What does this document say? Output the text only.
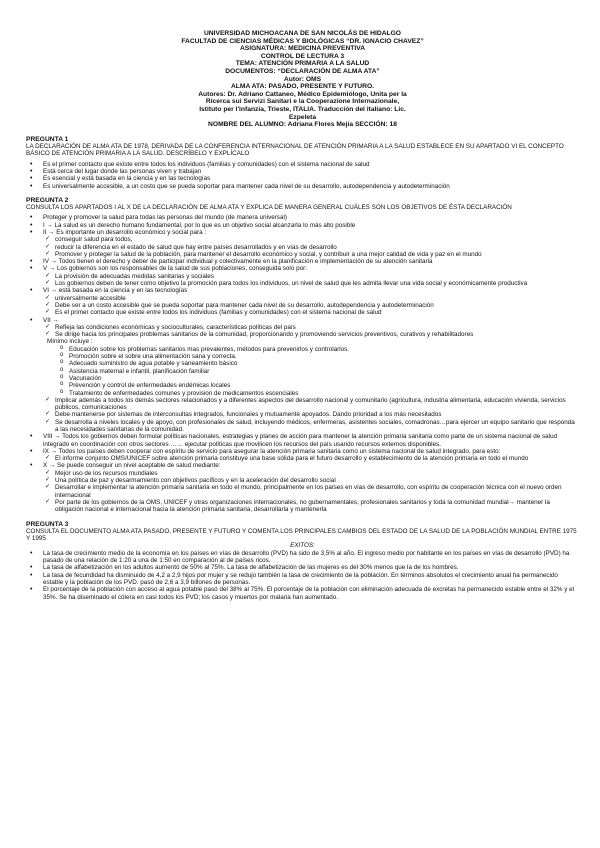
UNIVERSIDAD MICHOACANA DE SAN NICOLÁS DE HIDALGO
FACULTAD DE CIENCIAS MÉDICAS Y BIOLÓGICAS “DR. IGNACIO CHAVEZ”
ASIGNATURA: MEDICINA PREVENTIVA
CONTROL DE LECTURA 3
TEMA: ATENCIÓN PRIMARIA A LA SALUD
DOCUMENTOS: “DECLARACIÓN DE ALMA ATA”
Autor: OMS
ALMA ATA: PASADO, PRESENTE Y FUTURO.
Autores: Dr. Adriano Cattaneo, Médico Epidemiólogo, Unita per la
Ricerca sui Servizi Sanitari e la Cooperazione Internazionale,
Istituto per l'infanzia, Trieste, ITALIA. Traducción del italiano: Lic.
Ezpeleta
NOMBRE DEL ALUMNO: Adriana Flores Mejía SECCIÓN: 18
PREGUNTA 1
LA DECLARACIÓN DE ALMA ATA DE 1978, DERIVADA DE LA CONFERENCIA INTERNACIONAL DE ATENCIÓN PRIMARIA A LA SALUD ESTABLECE EN SU APARTADO VI EL CONCEPTO BÁSICO DE ATENCIÓN PRIMARIA A LA SALUD. DESCRÍBELO Y EXPLÍCALO
• Es el primer contacto que existe entre todos los individuos (familias y comunidades) con el sistema nacional de salud
• Está cerca del lugar donde las personas viven y trabajan
• Es esencial y está basada en la ciencia y en las tecnologías
• Es universalmente accesible, a un costo que se pueda soportar para mantener cada nivel de su desarrollo, autodependencia y autodeterminación
PREGUNTA 2
CONSULTA LOS APARTADOS I AL X DE LA DECLARACIÓN DE ALMA ATA Y EXPLICA DE MANERA GENERAL CUÁLES SON LOS OBJETIVOS DE ÉSTA DECLARACIÓN
• Proteger y promover la salud para todas las personas del mundo (de manera universal)
• I → La salud es un derecho humano fundamental, por lo que es un objetivo social alcanzarla lo más alto posible
• II → Es importante un desarrollo económico y social para :
✓ conseguir salud para todos,
✓ reducir la diferencia en el estado de salud que hay entre países desarrollados y en vías de desarrollo
✓ Promover y proteger la salud de la población, para mantener el desarrollo económico y social, y contribuir a una mejor calidad de vida y paz en el mundo
• IV → Todos tienen el derecho y deber de participar individual y colectivamente en la planificación e implementación de su atención sanitaria
• V → Los gobiernos son los responsables de la salud de sus poblaciones, conseguida solo por:
✓ La provisión de adecuadas medidas sanitarias y sociales
✓ Los gobiernos deben de tener como objetivo la promoción para todos los individuos, un nivel de salud que les admita llevar una vida social y económicamente productiva
• VI → está basada en la ciencia y en las tecnologías
✓ universalmente accesible
✓ Debe ser a un costo accesible que se pueda soportar para mantener cada nivel de su desarrollo, autodependencia y autodeterminación
✓ Es el primer contacto que existe entre todos los individuos (familias y comunidades) con el sistema nacional de salud
• VII →
✓ Refleja las condiciones económicas y socioculturales, características políticas del país
✓ Se dirige hacia los principales problemas sanitarios de la comunidad, proporcionando y promoviendo servicios preventivos, curativos y rehabilitadores
Mínimo incluye :
o Educación sobre los problemas sanitarios mas prevalentes, métodos para prevenirlos y controlarlos.
o Promoción sobre el sobre una alimentación sana y correcta.
o Adecuado suministro de agua potable y saneamiento básico
o Asistencia maternal e infantil, planificación familiar
o Vacunación
o Prevención y control de enfermedades endémicas locales
o Tratamiento de enfermedades comunes y provision de medicamentos escenciales
✓ Implicar además a todos los demás sectores relacionados y a diferentes aspectos del desarrollo nacional y comunitario (agricultura, industria alimentaria, educación vivienda, servicios públicos, comunicaciones
✓ Debe mantenerse por sistemas de interconsultas integrados, funcionales y mutuamente apoyados. Dando prioridad a los más necesitados
✓ Se desarrolla a niveles locales y de apoyo, con profesionales de salud, incluyendo médicos, enfermeras, asistentes sociales, comadronas…para ejercer un equipo sanitario que responda a las necesidades sanitarias de la comunidad.
• VIII → Todos los gobiernos deben formular políticas nacionales, estrategias y planes de acción para mantener la atención primaria sanitaria como parte de un sistema nacional de salud integrado en coordinación con otros sectores …… ejecutar políticas que movilicen los recursos del país usando recursos externos disponibles.
• IX → Todos los países deben cooperar con espíritu de servicio para asegurar la atención primaria sanitaria como un sistema nacional de salud integrado, para esto:
✓ El informe conjunto OMS/UNICEF sobre atención primaria constituye una base sólida para el futuro desarrollo y establecimiento de la atención primaria en todo el mundo
• X → Se puede conseguir un nivel aceptable de salud mediante:
✓ Mejor uso de los recursos mundiales
✓ Una política de paz y desarmamiento con objetivos pacíficos y en la aceleración del desarrollo social
✓ Desarrollar e implementar la atención primaria sanitaria en todo el mundo, principalmente en los países en vías de desarrollo, con espíritu de cooperación técnica con el nuevo orden internacional
✓ Por parte de los gobiernos de la OMS, UNICEF y otras organizaciones internacionales, no gubernamentales, profesionales sanitarios y toda la comunidad mundial→ mantener la obligación nacional e internacional hacia la atención primaria sanitaria, desarrollarla y mantenerla
PREGUNTA 3
CONSULTA EL DOCUMENTO ALMA ATA PASADO, PRESENTE Y FUTURO Y COMENTA LOS PRINCIPALES CAMBIOS DEL ESTADO DE LA SALUD DE LA POBLACIÓN MUNDIAL ENTRE 1975 Y 1995
EXITOS:
• La tasa de crecimiento medio de la economía en los países en vías de desarrollo (PVD) ha sido de 3,5% al año. El ingreso medio por habitante en los países en vías de desarrollo (PVD) ha pasado de una relación de 1:20 a una de 1:50 en comparación al de países ricos.
• La tasa de alfabetización en los adultos aumentó de 50% al 75%. La tasa de alfabetización de las mujeres es del 30% menos que la de los hombres.
• La tasa de fecundidad ha disminuido de 4,2 a 2,9 hijos por mujer y se redujo también la tasa de crecimiento de la población. En términos absolutos el crecimiento anual ha permanecido estable y la población de los PVD. pasó de 2,6 a 3,9 billones de personas.
• El porcentaje de la población con acceso al agua potable pasó del 38% al 75%. El porcentaje de la población con eliminación adecuada de excretas ha permanecido estable entre el 32% y el 35%. Se ha diseminado el cólera en casi todos los PVD; los casos y muertos por malaria han aumentado.
